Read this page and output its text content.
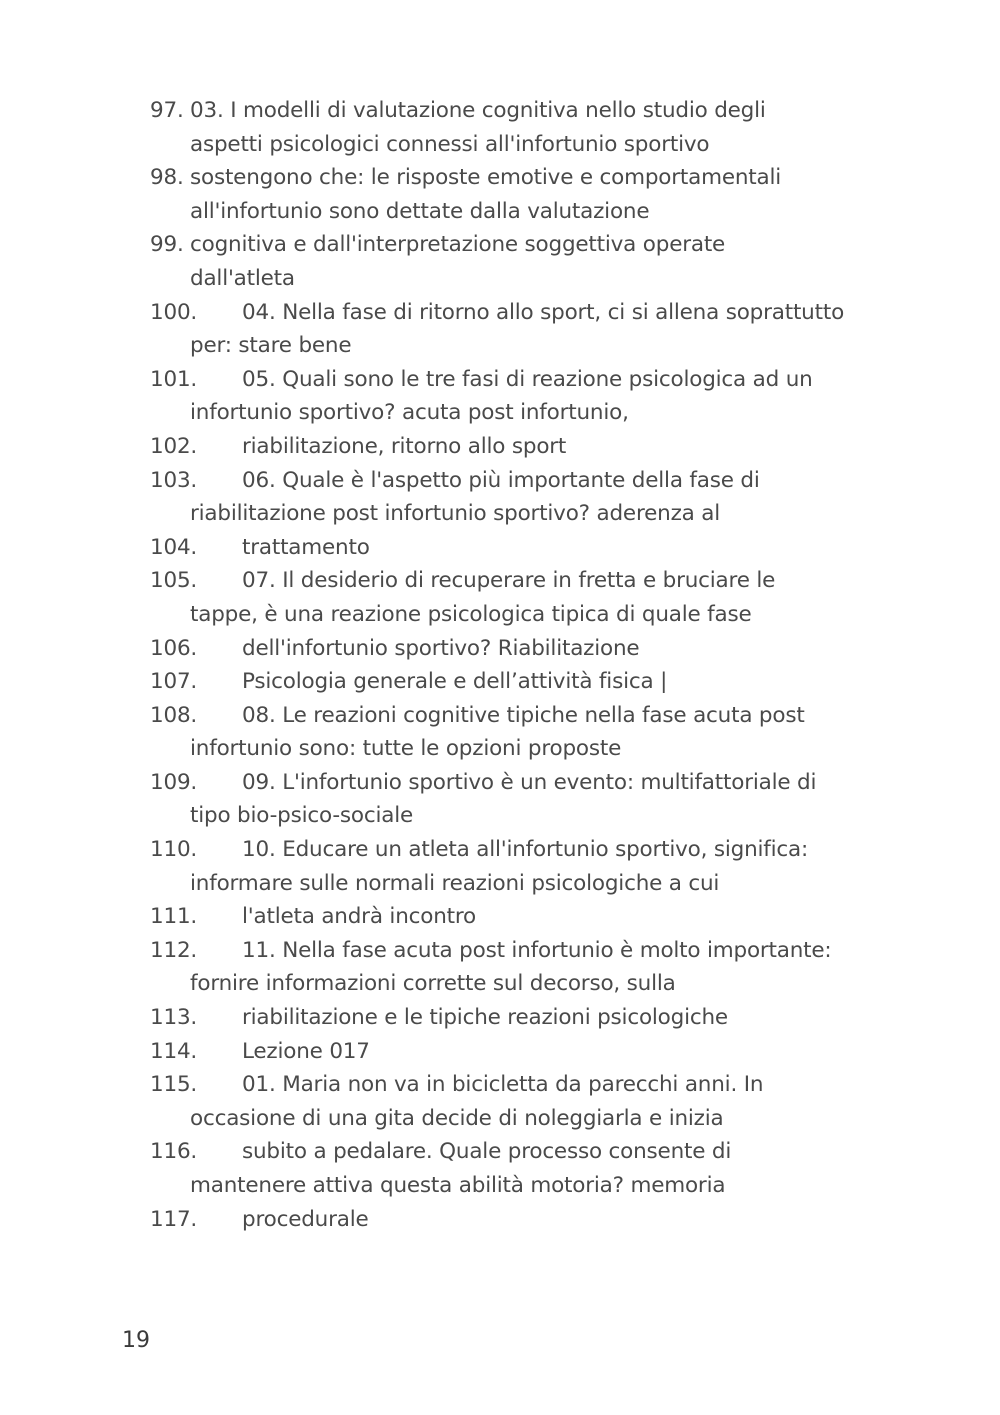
97. 03. I modelli di valutazione cognitiva nello studio degli
aspetti psicologici connessi all'infortunio sportivo
98. sostengono che: le risposte emotive e comportamentali
all'infortunio sono dettate dalla valutazione
99. cognitiva e dall'interpretazione soggettiva operate
dall'atleta
100.	04. Nella fase di ritorno allo sport, ci si allena soprattutto
per: stare bene
101.	05. Quali sono le tre fasi di reazione psicologica ad un
infortunio sportivo? acuta post infortunio,
102.	riabilitazione, ritorno allo sport
103.	06. Quale è l'aspetto più importante della fase di
riabilitazione post infortunio sportivo? aderenza al
104.	trattamento
105.	07. Il desiderio di recuperare in fretta e bruciare le
tappe, è una reazione psicologica tipica di quale fase
106.	dell'infortunio sportivo? Riabilitazione
107.	Psicologia generale e dell’attività fisica |
108.	08. Le reazioni cognitive tipiche nella fase acuta post
infortunio sono: tutte le opzioni proposte
109.	09. L'infortunio sportivo è un evento: multifattoriale di
tipo bio-psico-sociale
110.	10. Educare un atleta all'infortunio sportivo, significa:
informare sulle normali reazioni psicologiche a cui
111.	l'atleta andrà incontro
112.	11. Nella fase acuta post infortunio è molto importante:
fornire informazioni corrette sul decorso, sulla
113.	riabilitazione e le tipiche reazioni psicologiche
114.	Lezione 017
115.	01. Maria non va in bicicletta da parecchi anni. In
occasione di una gita decide di noleggiarla e inizia
116.	subito a pedalare. Quale processo consente di
mantenere attiva questa abilità motoria? memoria
117.	procedurale
19
